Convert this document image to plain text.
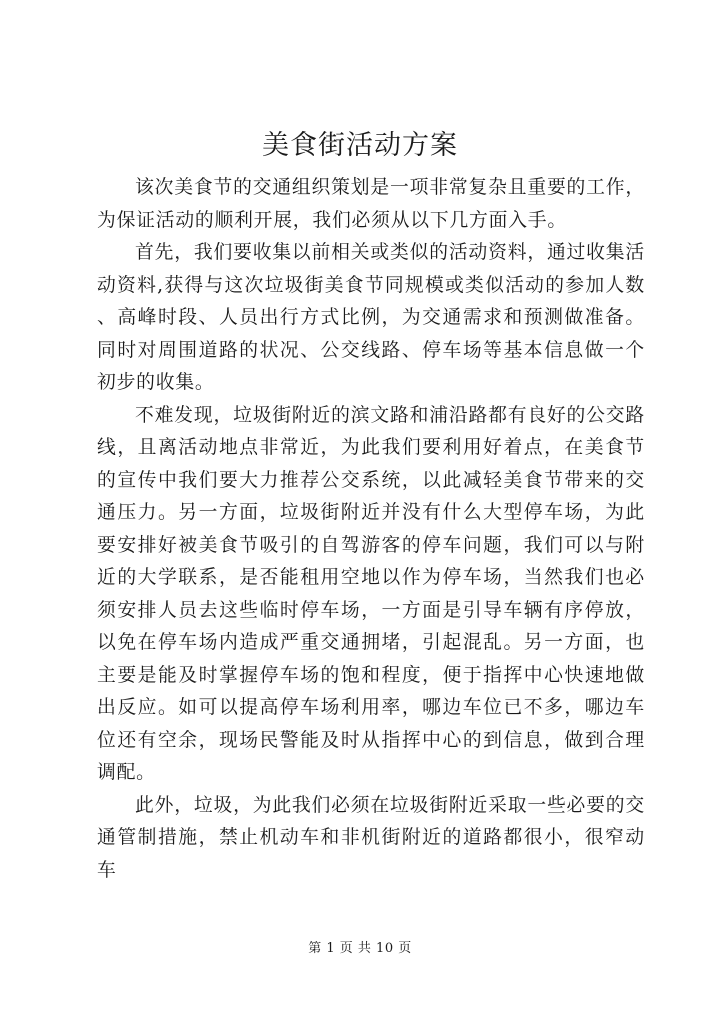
美食街活动方案

该次美食节的交通组织策划是一项非常复杂且重要的工作，为保证活动的顺利开展，我们必须从以下几方面入手。

首先，我们要收集以前相关或类似的活动资料，通过收集活动资料,获得与这次垃圾街美食节同规模或类似活动的参加人数、高峰时段、人员出行方式比例，为交通需求和预测做准备。同时对周围道路的状况、公交线路、停车场等基本信息做一个初步的收集。

不难发现，垃圾街附近的滨文路和浦沿路都有良好的公交路线，且离活动地点非常近，为此我们要利用好着点，在美食节的宣传中我们要大力推荐公交系统，以此减轻美食节带来的交通压力。另一方面，垃圾街附近并没有什么大型停车场，为此要安排好被美食节吸引的自驾游客的停车问题，我们可以与附近的大学联系，是否能租用空地以作为停车场，当然我们也必须安排人员去这些临时停车场，一方面是引导车辆有序停放，以免在停车场内造成严重交通拥堵，引起混乱。另一方面，也主要是能及时掌握停车场的饱和程度，便于指挥中心快速地做出反应。如可以提高停车场利用率，哪边车位已不多，哪边车位还有空余，现场民警能及时从指挥中心的到信息，做到合理调配。

此外，垃圾，为此我们必须在垃圾街附近采取一些必要的交通管制措施，禁止机动车和非机街附近的道路都很小，很窄动车

第 1 页 共 10 页
